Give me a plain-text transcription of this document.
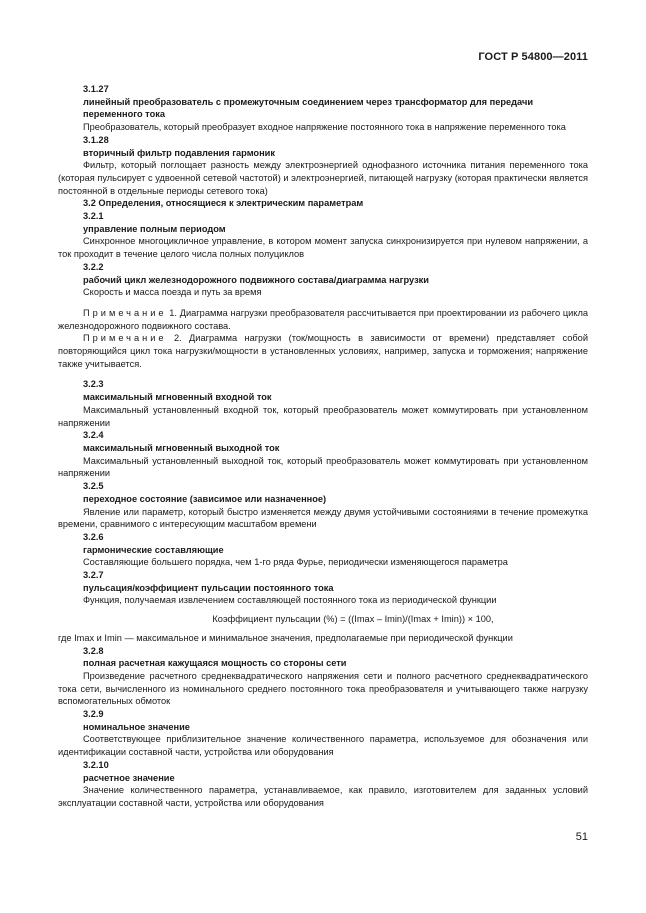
ГОСТ Р 54800—2011

3.1.27

линейный преобразователь с промежуточным соединением через трансформатор для передачи переменного тока

Преобразователь, который преобразует входное напряжение постоянного тока в напряжение переменного тока

3.1.28

вторичный фильтр подавления гармоник

Фильтр, который поглощает разность между электроэнергией однофазного источника питания переменного тока (которая пульсирует с удвоенной сетевой частотой) и электроэнергией, питающей нагрузку (которая практически является постоянной в отдельные периоды сетевого тока)

3.2 Определения, относящиеся к электрическим параметрам

3.2.1

управление полным периодом

Синхронное многоцикличное управление, в котором момент запуска синхронизируется при нулевом напряжении, а ток проходит в течение целого числа полных полуциклов

3.2.2

рабочий цикл железнодорожного подвижного состава/диаграмма нагрузки

Скорость и масса поезда и путь за время

Примечание 1. Диаграмма нагрузки преобразователя рассчитывается при проектировании из рабочего цикла железнодорожного подвижного состава.

Примечание 2. Диаграмма нагрузки (ток/мощность в зависимости от времени) представляет собой повторяющийся цикл тока нагрузки/мощности в установленных условиях, например, запуска и торможения; напряжение также учитывается.

3.2.3

максимальный мгновенный входной ток

Максимальный установленный входной ток, который преобразователь может коммутировать при установленном напряжении

3.2.4

максимальный мгновенный выходной ток

Максимальный установленный выходной ток, который преобразователь может коммутировать при установленном напряжении

3.2.5

переходное состояние (зависимое или назначенное)

Явление или параметр, который быстро изменяется между двумя устойчивыми состояниями в течение промежутка времени, сравнимого с интересующим масштабом времени

3.2.6

гармонические составляющие

Составляющие большего порядка, чем 1-го ряда Фурье, периодически изменяющегося параметра

3.2.7

пульсация/коэффициент пульсации постоянного тока

Функция, получаемая извлечением составляющей постоянного тока из периодической функции

Коэффициент пульсации (%) = ((Imax – Imin)/(Imax + Imin)) × 100,

где Imax и Imin — максимальное и минимальное значения, предполагаемые при периодической функции

3.2.8

полная расчетная кажущаяся мощность со стороны сети

Произведение расчетного среднеквадратического напряжения сети и полного расчетного среднеквадратического тока сети, вычисленного из номинального среднего постоянного тока преобразователя и учитывающего также нагрузку вспомогательных обмоток

3.2.9

номинальное значение

Соответствующее приблизительное значение количественного параметра, используемое для обозначения или идентификации составной части, устройства или оборудования

3.2.10

расчетное значение

Значение количественного параметра, устанавливаемое, как правило, изготовителем для заданных условий эксплуатации составной части, устройства или оборудования

51
